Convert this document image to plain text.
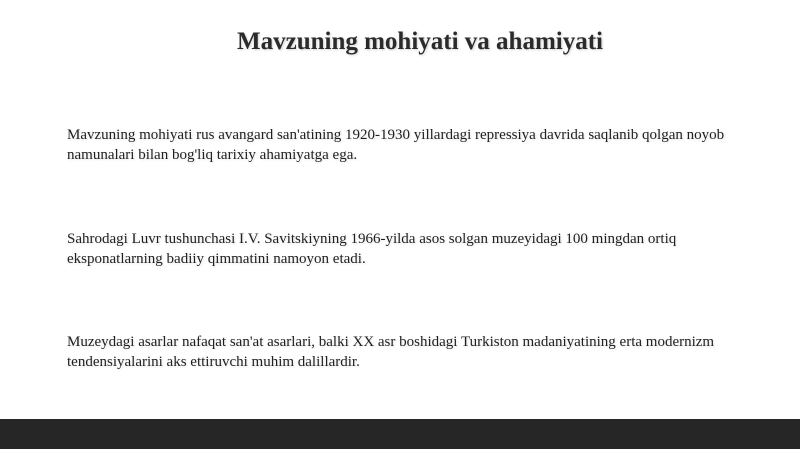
Mavzuning mohiyati va ahamiyati
Mavzuning mohiyati rus avangard san'atining 1920-1930 yillardagi repressiya davrida saqlanib qolgan noyob namunalari bilan bog'liq tarixiy ahamiyatga ega.
Sahrodagi Luvr tushunchasi I.V. Savitskiyning 1966-yilda asos solgan muzeyidagi 100 mingdan ortiq eksponatlarning badiiy qimmatini namoyon etadi.
Muzeydagi asarlar nafaqat san'at asarlari, balki XX asr boshidagi Turkiston madaniyatining erta modernizm tendensiyalarini aks ettiruvchi muhim dalillardir.
